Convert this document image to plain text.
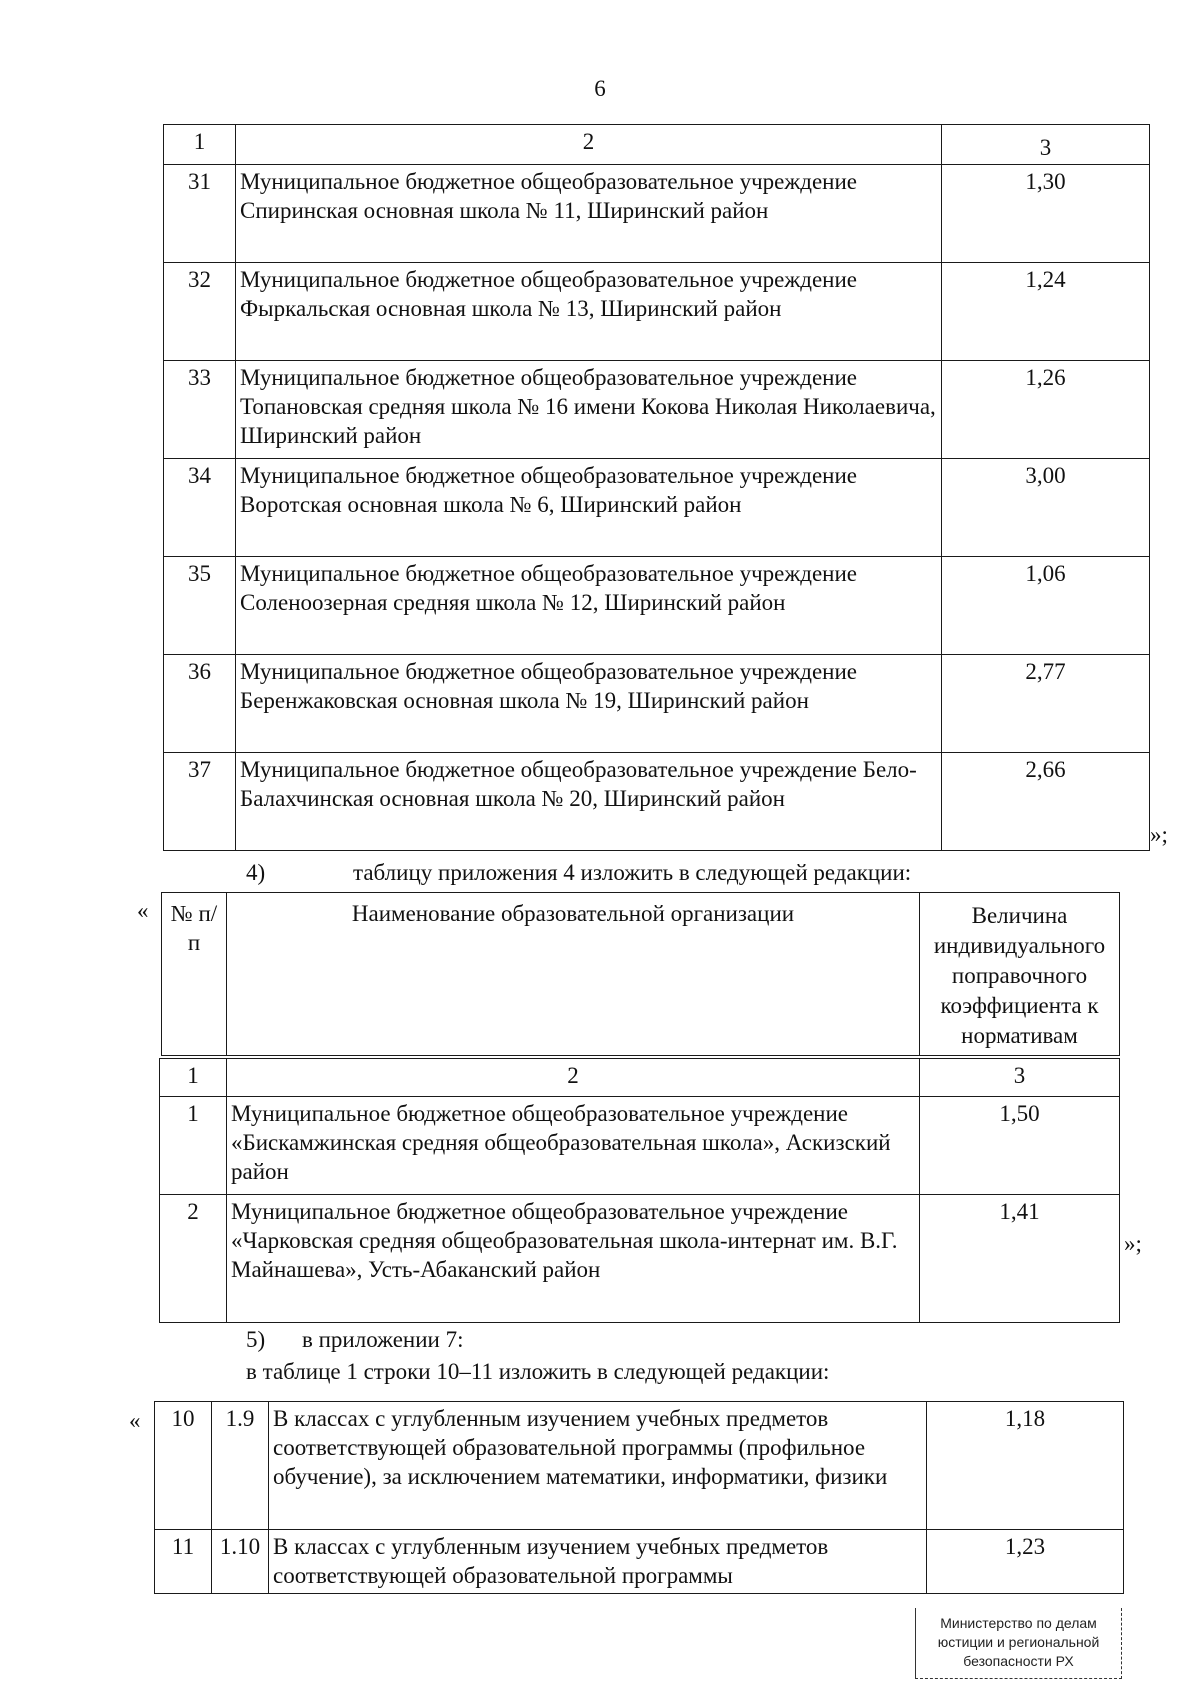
6
1	2	3
31	Муниципальное бюджетное общеобразовательное учреждение Спиринская основная школа № 11, Ширинский район	1,30
32	Муниципальное бюджетное общеобразовательное учреждение Фыркальская основная школа № 13, Ширинский район	1,24
33	Муниципальное бюджетное общеобразовательное учреждение Топановская средняя школа № 16 имени Кокова Николая Николаевича, Ширинский район	1,26
34	Муниципальное бюджетное общеобразовательное учреждение Воротская основная школа № 6, Ширинский район	3,00
35	Муниципальное бюджетное общеобразовательное учреждение Соленоозерная средняя школа № 12, Ширинский район	1,06
36	Муниципальное бюджетное общеобразовательное учреждение Беренжаковская основная школа № 19, Ширинский район	2,77
37	Муниципальное бюджетное общеобразовательное учреждение Бело-Балахчинская основная школа № 20, Ширинский район	2,66
»;
4)	таблицу приложения 4 изложить в следующей редакции:
« № п/п	Наименование образовательной организации	Величина индивидуального поправочного коэффициента к нормативам
1	2	3
1	Муниципальное бюджетное общеобразовательное учреждение «Бискамжинская средняя общеобразовательная школа», Аскизский район	1,50
2	Муниципальное бюджетное общеобразовательное учреждение «Чарковская средняя общеобразовательная школа-интернат им. В.Г. Майнашева», Усть-Абаканский район	1,41
»;
5) в приложении 7:
в таблице 1 строки 10–11 изложить в следующей редакции:
« 10	1.9	В классах с углубленным изучением учебных предметов соответствующей образовательной программы (профильное обучение), за исключением математики, информатики, физики	1,18
11	1.10	В классах с углубленным изучением учебных предметов соответствующей образовательной программы	1,23
Министерство по делам
юстиции и региональной
безопасности РХ
